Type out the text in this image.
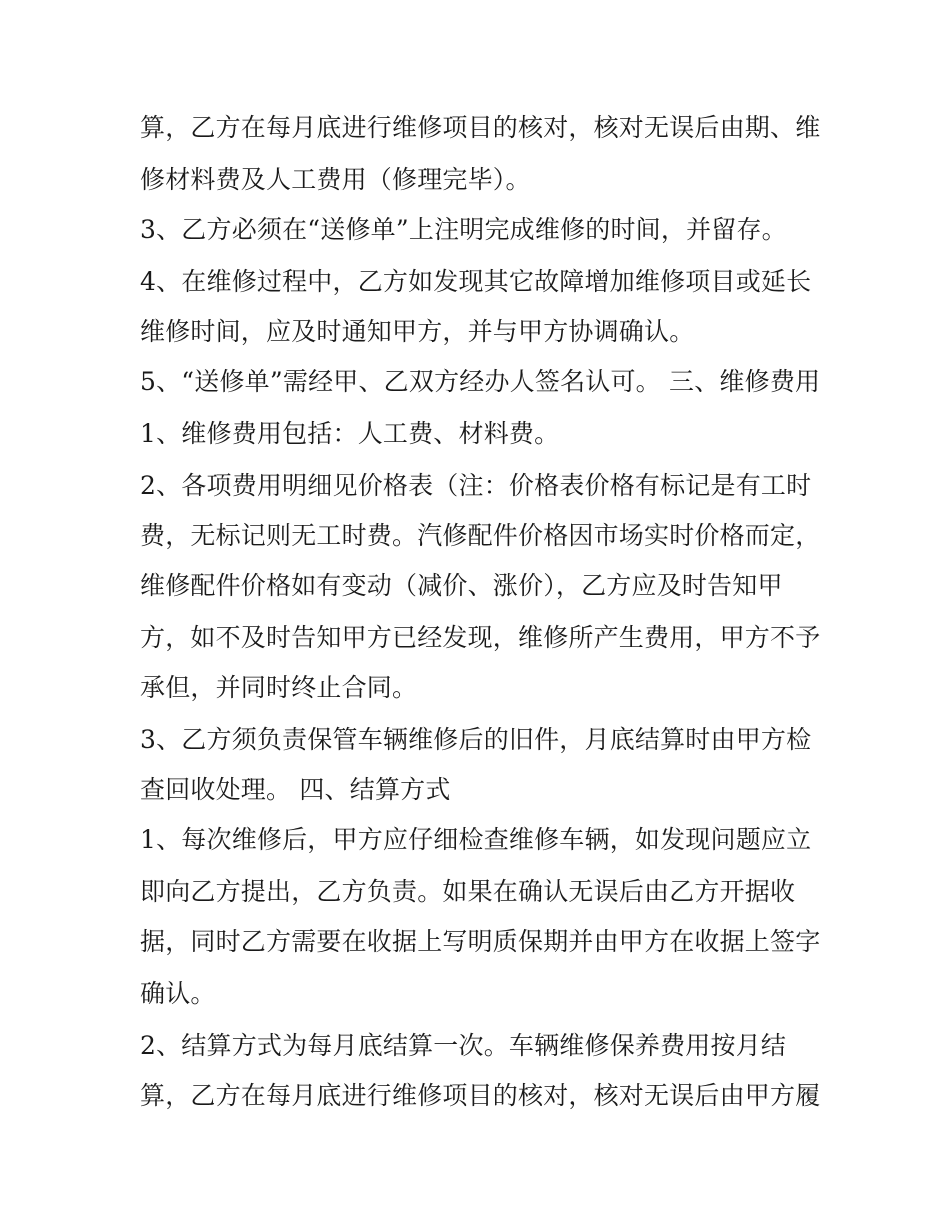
算，乙方在每月底进行维修项目的核对，核对无误后由期、维
修材料费及人工费用（修理完毕）。
3、乙方必须在“送修单”上注明完成维修的时间，并留存。
4、在维修过程中，乙方如发现其它故障增加维修项目或延长
维修时间，应及时通知甲方，并与甲方协调确认。
5、“送修单”需经甲、乙双方经办人签名认可。 三、维修费用
1、维修费用包括：人工费、材料费。
2、各项费用明细见价格表（注：价格表价格有标记是有工时
费，无标记则无工时费。汽修配件价格因市场实时价格而定，
维修配件价格如有变动（减价、涨价），乙方应及时告知甲
方，如不及时告知甲方已经发现，维修所产生费用，甲方不予
承但，并同时终止合同。
3、乙方须负责保管车辆维修后的旧件，月底结算时由甲方检
查回收处理。 四、结算方式
1、每次维修后，甲方应仔细检查维修车辆，如发现问题应立
即向乙方提出，乙方负责。如果在确认无误后由乙方开据收
据，同时乙方需要在收据上写明质保期并由甲方在收据上签字
确认。
2、结算方式为每月底结算一次。车辆维修保养费用按月结
算，乙方在每月底进行维修项目的核对，核对无误后由甲方履
